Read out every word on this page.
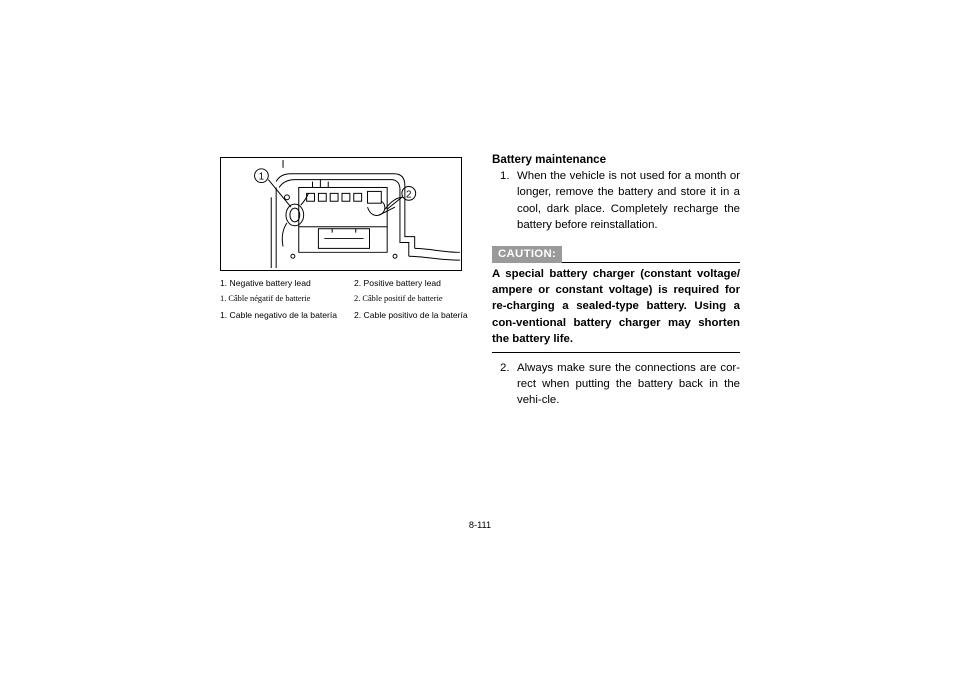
1
2
1. Negative battery lead	2. Positive battery lead
1. Câble négatif de batterie	2. Câble positif de batterie
1. Cable negativo de la batería	2. Cable positivo de la batería
Battery maintenance
1. When the vehicle is not used for a month or longer, remove the battery and store it in a cool, dark place. Completely recharge the battery before reinstallation.
CAUTION:
A special battery charger (constant voltage/ ampere or constant voltage) is required for re-charging a sealed-type battery. Using a con-ventional battery charger may shorten the battery life.
2. Always make sure the connections are cor-rect when putting the battery back in the vehi-cle.
8-111
